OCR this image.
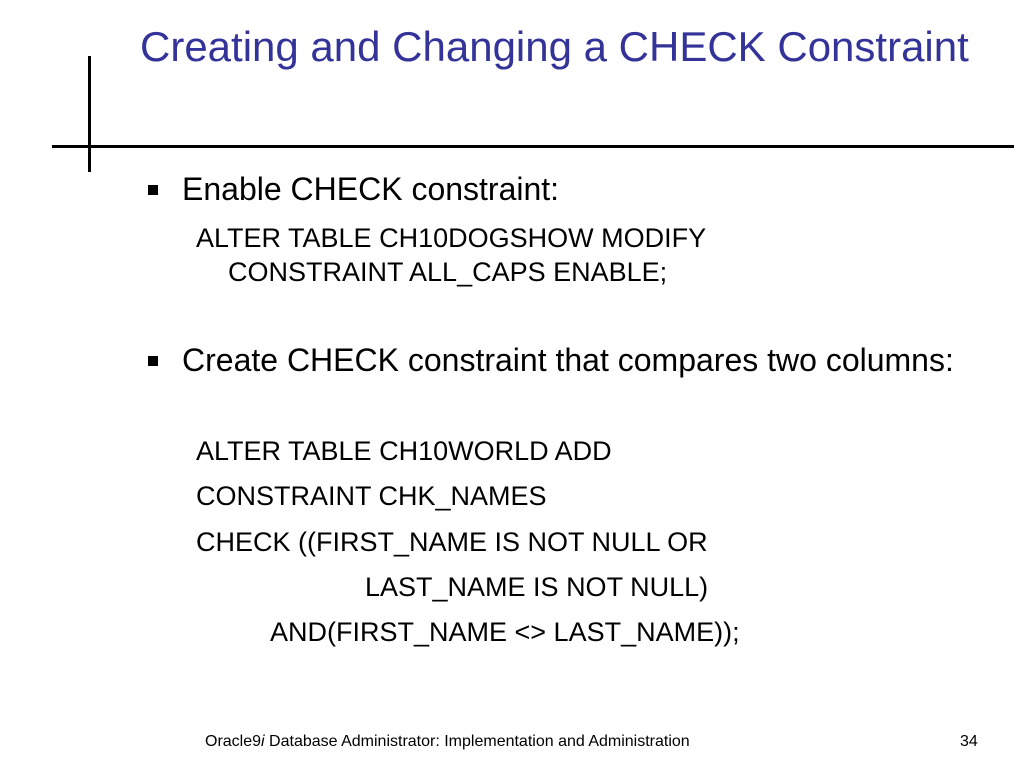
Creating and Changing a CHECK Constraint
Enable CHECK constraint:
ALTER TABLE CH10DOGSHOW MODIFY
CONSTRAINT ALL_CAPS ENABLE;
Create CHECK constraint that compares two columns:
ALTER TABLE CH10WORLD ADD
CONSTRAINT CHK_NAMES
CHECK ((FIRST_NAME IS NOT NULL OR
LAST_NAME IS NOT NULL)
AND(FIRST_NAME <> LAST_NAME));
Oracle9i Database Administrator: Implementation and Administration	34
